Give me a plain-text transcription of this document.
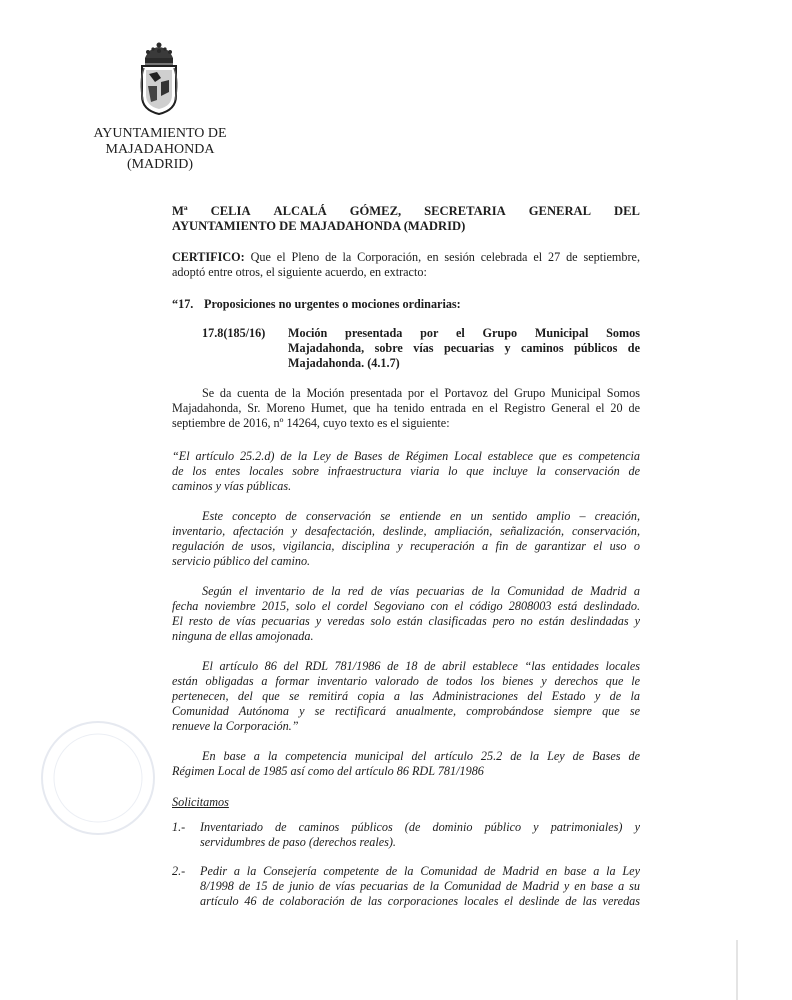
AYUNTAMIENTO DE
MAJADAHONDA
(MADRID)
Mª CELIA ALCALÁ GÓMEZ, SECRETARIA GENERAL DEL
AYUNTAMIENTO DE MAJADAHONDA (MADRID)
CERTIFICO: Que el Pleno de la Corporación, en sesión celebrada el 27 de septiembre,
adoptó entre otros, el siguiente acuerdo, en extracto:
“17. Proposiciones no urgentes o mociones ordinarias:
17.8(185/16) Moción presentada por el Grupo Municipal Somos
Majadahonda, sobre vías pecuarias y caminos públicos de
Majadahonda. (4.1.7)
Se da cuenta de la Moción presentada por el Portavoz del Grupo Municipal Somos
Majadahonda, Sr. Moreno Humet, que ha tenido entrada en el Registro General el 20 de
septiembre de 2016, nº 14264, cuyo texto es el siguiente:
“El artículo 25.2.d) de la Ley de Bases de Régimen Local establece que es competencia
de los entes locales sobre infraestructura viaria lo que incluye la conservación de
caminos y vías públicas.
Este concepto de conservación se entiende en un sentido amplio – creación,
inventario, afectación y desafectación, deslinde, ampliación, señalización, conservación,
regulación de usos, vigilancia, disciplina y recuperación a fin de garantizar el uso o
servicio público del camino.
Según el inventario de la red de vías pecuarias de la Comunidad de Madrid a
fecha noviembre 2015, solo el cordel Segoviano con el código 2808003 está deslindado.
El resto de vías pecuarias y veredas solo están clasificadas pero no están deslindadas y
ninguna de ellas amojonada.
El artículo 86 del RDL 781/1986 de 18 de abril establece “las entidades locales
están obligadas a formar inventario valorado de todos los bienes y derechos que le
pertenecen, del que se remitirá copia a las Administraciones del Estado y de la
Comunidad Autónoma y se rectificará anualmente, comprobándose siempre que se
renueve la Corporación.”
En base a la competencia municipal del artículo 25.2 de la Ley de Bases de
Régimen Local de 1985 así como del artículo 86 RDL 781/1986
Solicitamos
1.- Inventariado de caminos públicos (de dominio público y patrimoniales) y
servidumbres de paso (derechos reales).
2.- Pedir a la Consejería competente de la Comunidad de Madrid en base a la Ley
8/1998 de 15 de junio de vías pecuarias de la Comunidad de Madrid y en base a su
artículo 46 de colaboración de las corporaciones locales el deslinde de las veredas
